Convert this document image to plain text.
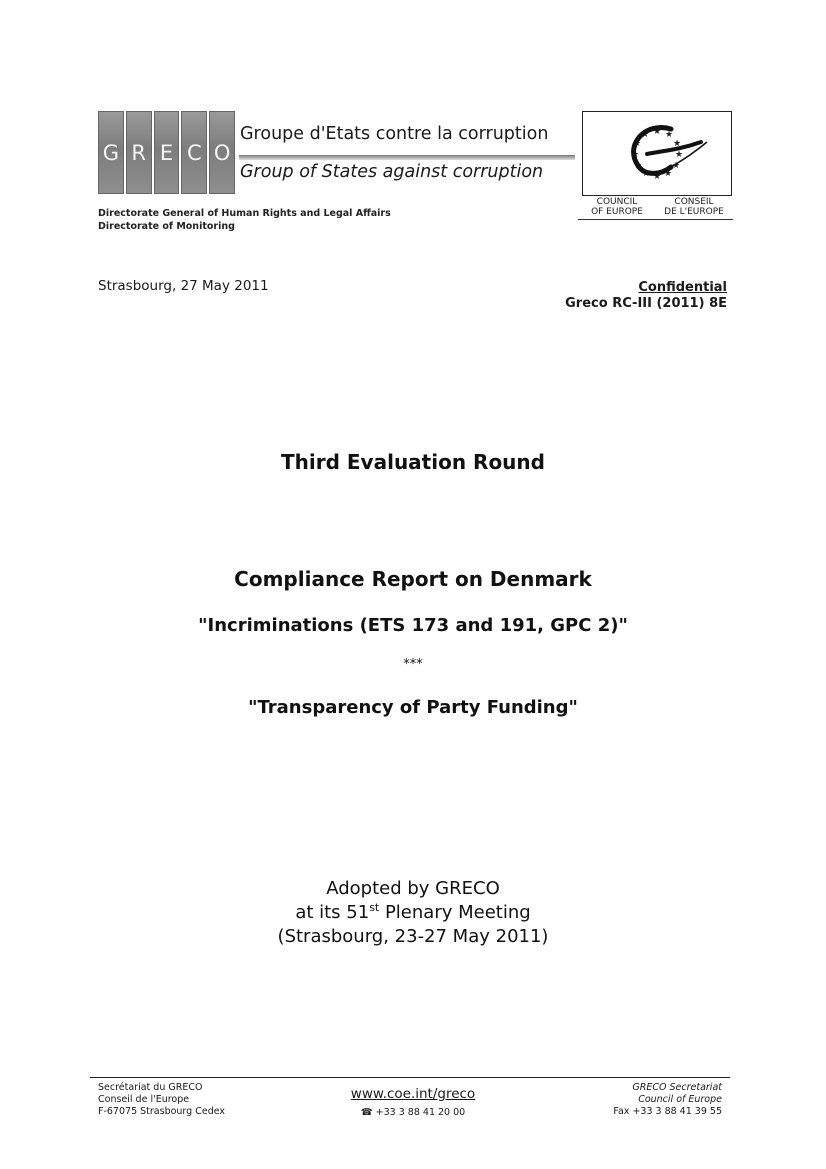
G R E C O
Groupe d'Etats contre la corruption
Group of States against corruption
★ ★
★
★
★
★
★
★
★
★
★
★
COUNCIL
OF EUROPE
CONSEIL
DE L'EUROPE
Directorate General of Human Rights and Legal Affairs
Directorate of Monitoring
Strasbourg, 27 May 2011	Confidential
Greco RC-III (2011) 8E
Third Evaluation Round
Compliance Report on Denmark
"Incriminations (ETS 173 and 191, GPC 2)"
***
"Transparency of Party Funding"
Adopted by GRECO
at its 51st Plenary Meeting
(Strasbourg, 23-27 May 2011)
Secrétariat du GRECO
Conseil de l'Europe
F-67075 Strasbourg Cedex
www.coe.int/greco
☎ +33 3 88 41 20 00
GRECO Secretariat
Council of Europe
Fax +33 3 88 41 39 55
